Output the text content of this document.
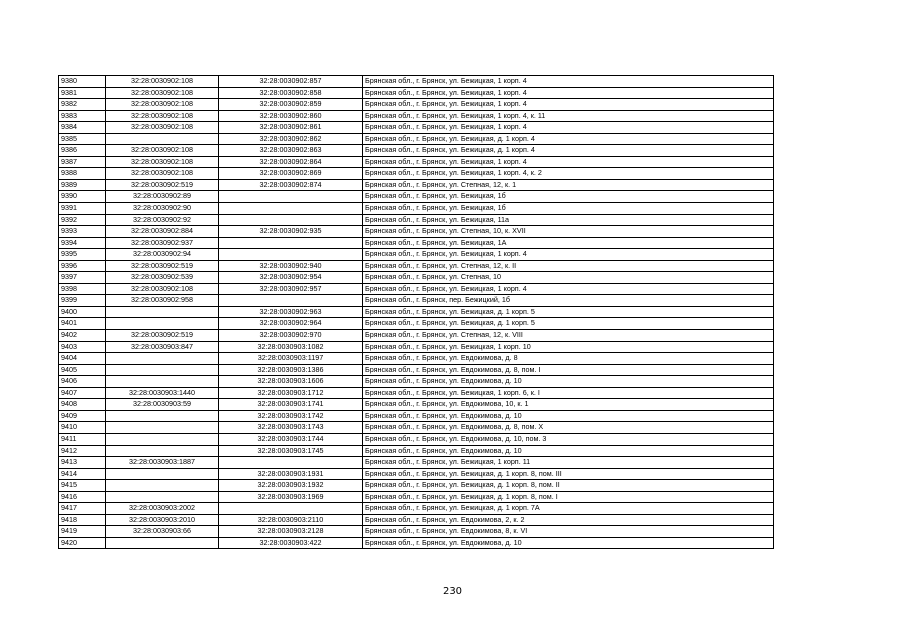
9380	32:28:0030902:108	32:28:0030902:857	Брянская обл., г. Брянск, ул. Бежицкая, 1 корп. 4
9381	32:28:0030902:108	32:28:0030902:858	Брянская обл., г. Брянск, ул. Бежицкая, 1 корп. 4
9382	32:28:0030902:108	32:28:0030902:859	Брянская обл., г. Брянск, ул. Бежицкая, 1 корп. 4
9383	32:28:0030902:108	32:28:0030902:860	Брянская обл., г. Брянск, ул. Бежицкая, 1 корп. 4, к. 11
9384	32:28:0030902:108	32:28:0030902:861	Брянская обл., г. Брянск, ул. Бежицкая, 1 корп. 4
9385		32:28:0030902:862	Брянская обл., г. Брянск, ул. Бежицкая, д. 1 корп. 4
9386	32:28:0030902:108	32:28:0030902:863	Брянская обл., г. Брянск, ул. Бежицкая, д. 1 корп. 4
9387	32:28:0030902:108	32:28:0030902:864	Брянская обл., г. Брянск, ул. Бежицкая, 1 корп. 4
9388	32:28:0030902:108	32:28:0030902:869	Брянская обл., г. Брянск, ул. Бежицкая, 1 корп. 4, к. 2
9389	32:28:0030902:519	32:28:0030902:874	Брянская обл., г. Брянск, ул. Степная, 12, к. 1
9390	32:28:0030902:89		Брянская обл., г. Брянск, ул. Бежицкая, 1б
9391	32:28:0030902:90		Брянская обл., г. Брянск, ул. Бежицкая, 1б
9392	32:28:0030902:92		Брянская обл., г. Брянск, ул. Бежицкая, 11а
9393	32:28:0030902:884	32:28:0030902:935	Брянская обл., г. Брянск, ул. Степная, 10, к. XVII
9394	32:28:0030902:937		Брянская обл., г. Брянск, ул. Бежицкая, 1А
9395	32:28:0030902:94		Брянская обл., г. Брянск, ул. Бежицкая, 1 корп. 4
9396	32:28:0030902:519	32:28:0030902:940	Брянская обл., г. Брянск, ул. Степная, 12, к. II
9397	32:28:0030902:539	32:28:0030902:954	Брянская обл., г. Брянск, ул. Степная, 10
9398	32:28:0030902:108	32:28:0030902:957	Брянская обл., г. Брянск, ул. Бежицкая, 1 корп. 4
9399	32:28:0030902:958		Брянская обл., г. Брянск, пер. Бежицкий, 1б
9400		32:28:0030902:963	Брянская обл., г. Брянск, ул. Бежицкая, д. 1 корп. 5
9401		32:28:0030902:964	Брянская обл., г. Брянск, ул. Бежицкая, д. 1 корп. 5
9402	32:28:0030902:519	32:28:0030902:970	Брянская обл., г. Брянск, ул. Степная, 12, к. VIII
9403	32:28:0030903:847	32:28:0030903:1082	Брянская обл., г. Брянск, ул. Бежицкая, 1 корп. 10
9404		32:28:0030903:1197	Брянская обл., г. Брянск, ул. Евдокимова, д. 8
9405		32:28:0030903:1386	Брянская обл., г. Брянск, ул. Евдокимова, д. 8, пом. I
9406		32:28:0030903:1606	Брянская обл., г. Брянск, ул. Евдокимова, д. 10
9407	32:28:0030903:1440	32:28:0030903:1712	Брянская обл., г. Брянск, ул. Бежицкая, 1 корп. 6, к. I
9408	32:28:0030903:59	32:28:0030903:1741	Брянская обл., г. Брянск, ул. Евдокимова, 10, к. 1
9409		32:28:0030903:1742	Брянская обл., г. Брянск, ул. Евдокимова, д. 10
9410		32:28:0030903:1743	Брянская обл., г. Брянск, ул. Евдокимова, д. 8, пом. X
9411		32:28:0030903:1744	Брянская обл., г. Брянск, ул. Евдокимова, д. 10, пом. 3
9412		32:28:0030903:1745	Брянская обл., г. Брянск, ул. Евдокимова, д. 10
9413	32:28:0030903:1887		Брянская обл., г. Брянск, ул. Бежицкая, 1 корп. 11
9414		32:28:0030903:1931	Брянская обл., г. Брянск, ул. Бежицкая, д. 1 корп. 8, пом. III
9415		32:28:0030903:1932	Брянская обл., г. Брянск, ул. Бежицкая, д. 1 корп. 8, пом. II
9416		32:28:0030903:1969	Брянская обл., г. Брянск, ул. Бежицкая, д. 1 корп. 8, пом. I
9417	32:28:0030903:2002		Брянская обл., г. Брянск, ул. Бежицкая, д. 1 корп. 7А
9418	32:28:0030903:2010	32:28:0030903:2110	Брянская обл., г. Брянск, ул. Евдокимова, 2, к. 2
9419	32:28:0030903:66	32:28:0030903:2128	Брянская обл., г. Брянск, ул. Евдокимова, 8, к. VI
9420		32:28:0030903:422	Брянская обл., г. Брянск, ул. Евдокимова, д. 10
230
